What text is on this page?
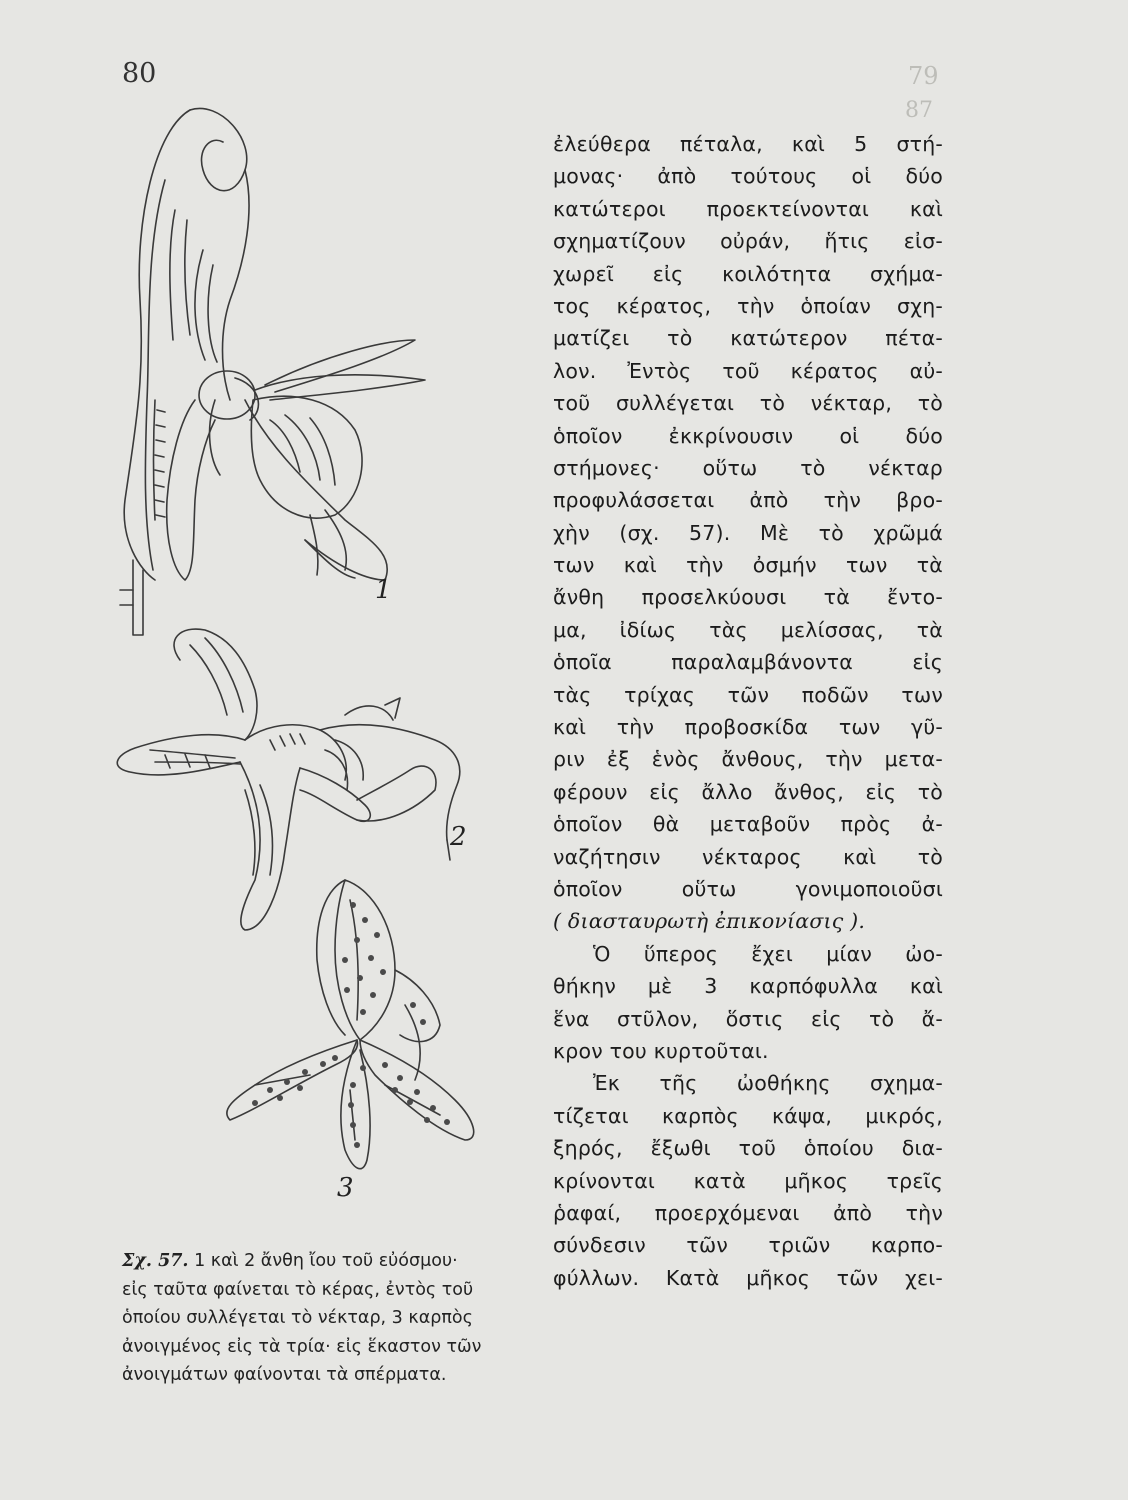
79
87
80
1
2
3
Σχ. 57. 1 καὶ 2 ἄνθη ἴου τοῦ εὐόσμου·
εἰς ταῦτα φαίνεται τὸ κέρας, ἐντὸς τοῦ
ὁποίου συλλέγεται τὸ νέκταρ, 3 καρπὸς
ἀνοιγμένος εἰς τὰ τρία· εἰς ἕκαστον τῶν
ἀνοιγμάτων φαίνονται τὰ σπέρματα.
ἐλεύθερα πέταλα, καὶ 5 στή-
μονας· ἀπὸ τούτους οἱ δύο
κατώτεροι προεκτείνονται καὶ
σχηματίζουν οὐράν, ἥτις εἰσ-
χωρεῖ εἰς κοιλότητα σχήμα-
τος κέρατος, τὴν ὁποίαν σχη-
ματίζει τὸ κατώτερον πέτα-
λον. Ἐντὸς τοῦ κέρατος αὐ-
τοῦ συλλέγεται τὸ νέκταρ, τὸ
ὁποῖον ἐκκρίνουσιν οἱ δύο
στήμονες· οὕτω τὸ νέκταρ
προφυλάσσεται ἀπὸ τὴν βρο-
χὴν (σχ. 57). Μὲ τὸ χρῶμά
των καὶ τὴν ὀσμήν των τὰ
ἄνθη προσελκύουσι τὰ ἔντο-
μα, ἰδίως τὰς μελίσσας, τὰ
ὁποῖα παραλαμβάνοντα εἰς
τὰς τρίχας τῶν ποδῶν των
καὶ τὴν προβοσκίδα των γῦ-
ριν ἐξ ἑνὸς ἄνθους, τὴν μετα-
φέρουν εἰς ἄλλο ἄνθος, εἰς τὸ
ὁποῖον θὰ μεταβοῦν πρὸς ἀ-
ναζήτησιν νέκταρος καὶ τὸ
ὁποῖον οὕτω γονιμοποιοῦσι
( διασταυρωτὴ ἐπικονίασις ).
Ὁ ὕπερος ἔχει μίαν ὠο-
θήκην μὲ 3 καρπόφυλλα καὶ
ἕνα στῦλον, ὅστις εἰς τὸ ἄ-
κρον του κυρτοῦται.
Ἐκ τῆς ὠοθήκης σχημα-
τίζεται καρπὸς κάψα, μικρός,
ξηρός, ἔξωθι τοῦ ὁποίου δια-
κρίνονται κατὰ μῆκος τρεῖς
ῥαφαί, προερχόμεναι ἀπὸ τὴν
σύνδεσιν τῶν τριῶν καρπο-
φύλλων. Κατὰ μῆκος τῶν χει-
